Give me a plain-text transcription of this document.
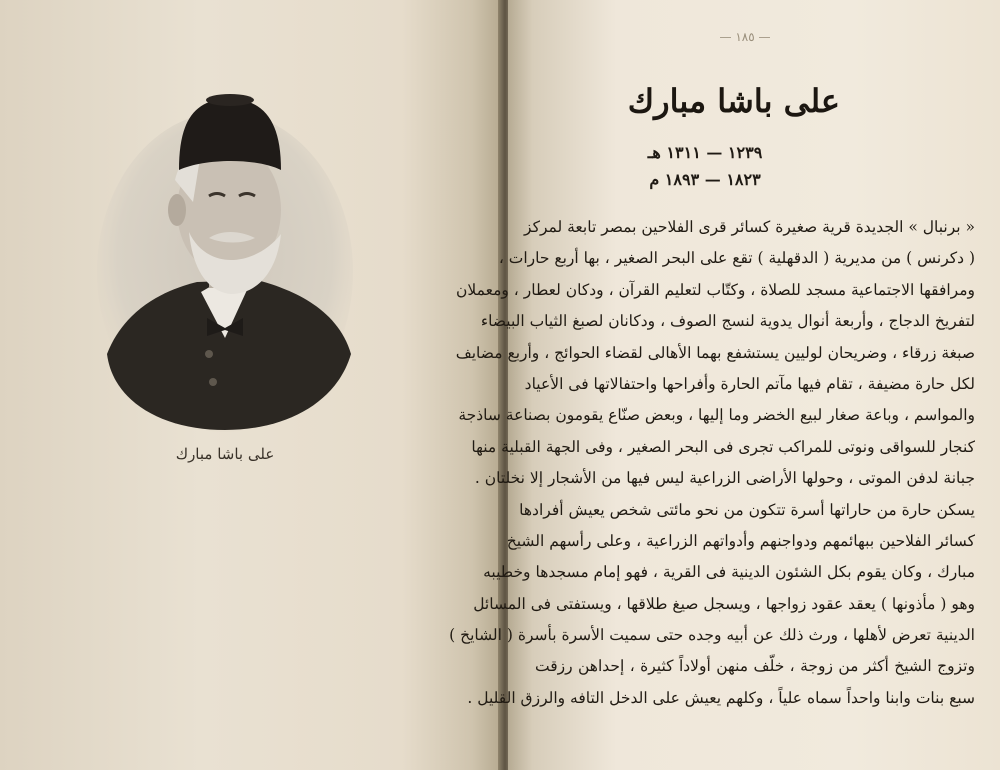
على باشا مبارك
— ١٨٥ —
على باشا مبارك
١٢٣٩ — ١٣١١ هـ
١٨٢٣ — ١٨٩٣ م
« برنبال » الجديدة قرية صغيرة كسائر قرى الفلاحين بمصر تابعة لمركز
( دكرنس ) من مديرية ( الدقهلية ) تقع على البحر الصغير ، بها أربع حارات ،
ومرافقها الاجتماعية مسجد للصلاة ، وكتّاب لتعليم القرآن ، ودكان لعطار ، ومعملان
لتفريخ الدجاج ، وأربعة أنوال يدوية لنسج الصوف ، ودكانان لصبغ الثياب البيضاء
صبغة زرقاء ، وضريحان لوليين يستشفع بهما الأهالى لقضاء الحوائج ، وأربع مضايف
لكل حارة مضيفة ، تقام فيها مآتم الحارة وأفراحها واحتفالاتها فى الأعياد
والمواسم ، وباعة صغار لبيع الخضر وما إليها ، وبعض صنّاع يقومون بصناعة ساذجة
كنجار للسواقى ونوتى للمراكب تجرى فى البحر الصغير ، وفى الجهة القبلية منها
جبانة لدفن الموتى ، وحولها الأراضى الزراعية ليس فيها من الأشجار إلا نخلتان .
يسكن حارة من حاراتها أسرة تتكون من نحو مائتى شخص يعيش أفرادها
كسائر الفلاحين ببهائمهم ودواجنهم وأدواتهم الزراعية ، وعلى رأسهم الشيخ
مبارك ، وكان يقوم بكل الشئون الدينية فى القرية ، فهو إمام مسجدها وخطيبه
وهو ( مأذونها ) يعقد عقود زواجها ، ويسجل صيغ طلاقها ، ويستفتى فى المسائل
الدينية تعرض لأهلها ، ورث ذلك عن أبيه وجده حتى سميت الأسرة بأسرة ( الشايخ )
وتزوج الشيخ أكثر من زوجة ، خلّف منهن أولاداً كثيرة ، إحداهن رزقت
سبع بنات وابنا واحداً سماه علياً ، وكلهم يعيش على الدخل التافه والرزق القليل .
